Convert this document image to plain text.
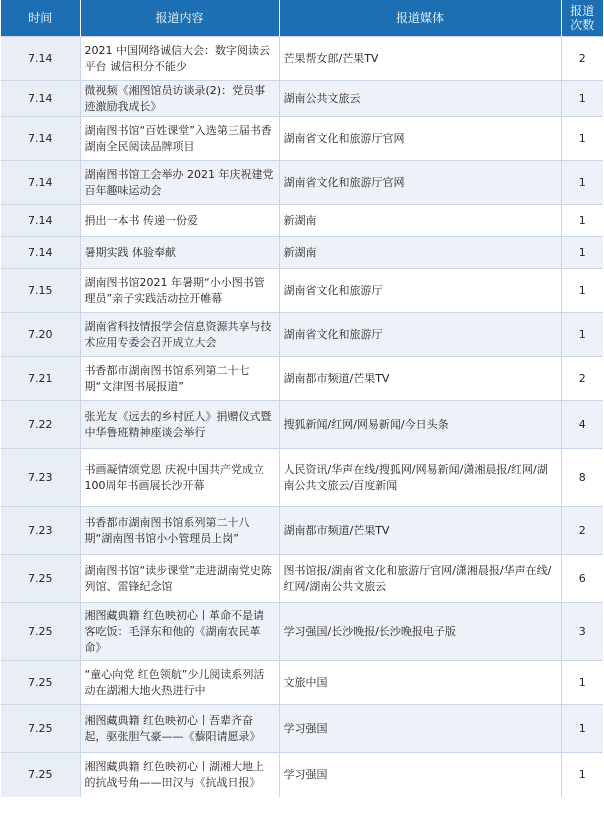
时间	报道内容	报道媒体	报道次数
7.14	2021 中国网络诚信大会：数字阅读云平台 诚信积分不能少	芒果帮女郎/芒果TV	2
7.14	微视频《湘图馆员访谈录(2)：党员事迹激励我成长》	湖南公共文旅云	1
7.14	湖南图书馆“百姓课堂”入选第三届书香湖南全民阅读品牌项目	湖南省文化和旅游厅官网	1
7.14	湖南图书馆工会举办 2021 年庆祝建党百年趣味运动会	湖南省文化和旅游厅官网	1
7.14	捐出一本书 传递一份爱	新湖南	1
7.14	暑期实践 体验奉献	新湖南	1
7.15	湖南图书馆2021 年暑期“小小图书管理员”亲子实践活动拉开帷幕	湖南省文化和旅游厅	1
7.20	湖南省科技情报学会信息资源共享与技术应用专委会召开成立大会	湖南省文化和旅游厅	1
7.21	书香都市湖南图书馆系列第二十七期“文津图书展报道”	湖南都市频道/芒果TV	2
7.22	张光友《远去的乡村匠人》捐赠仪式暨中华鲁班精神座谈会举行	搜狐新闻/红网/网易新闻/今日头条	4
7.23	书画凝情颂党恩 庆祝中国共产党成立100周年书画展长沙开幕	人民资讯/华声在线/搜狐网/网易新闻/潇湘晨报/红网/湖南公共文旅云/百度新闻	8
7.23	书香都市湖南图书馆系列第二十八期“湖南图书馆小小管理员上岗”	湖南都市频道/芒果TV	2
7.25	湖南图书馆“读步课堂”走进湖南党史陈列馆、雷锋纪念馆	图书馆报/湖南省文化和旅游厅官网/潇湘晨报/华声在线/红网/湖南公共文旅云	6
7.25	湘图藏典籍 红色映初心丨革命不是请客吃饭：毛泽东和他的《湖南农民革命》	学习强国/长沙晚报/长沙晚报电子版	3
7.25	“童心向党 红色领航”少儿阅读系列活动在湖湘大地火热进行中	文旅中国	1
7.25	湘图藏典籍 红色映初心丨吾辈齐奋起，驱张胆气豪——《藜阳请愿录》	学习强国	1
7.25	湘图藏典籍 红色映初心丨湖湘大地上的抗战号角——田汉与《抗战日报》	学习强国	1
